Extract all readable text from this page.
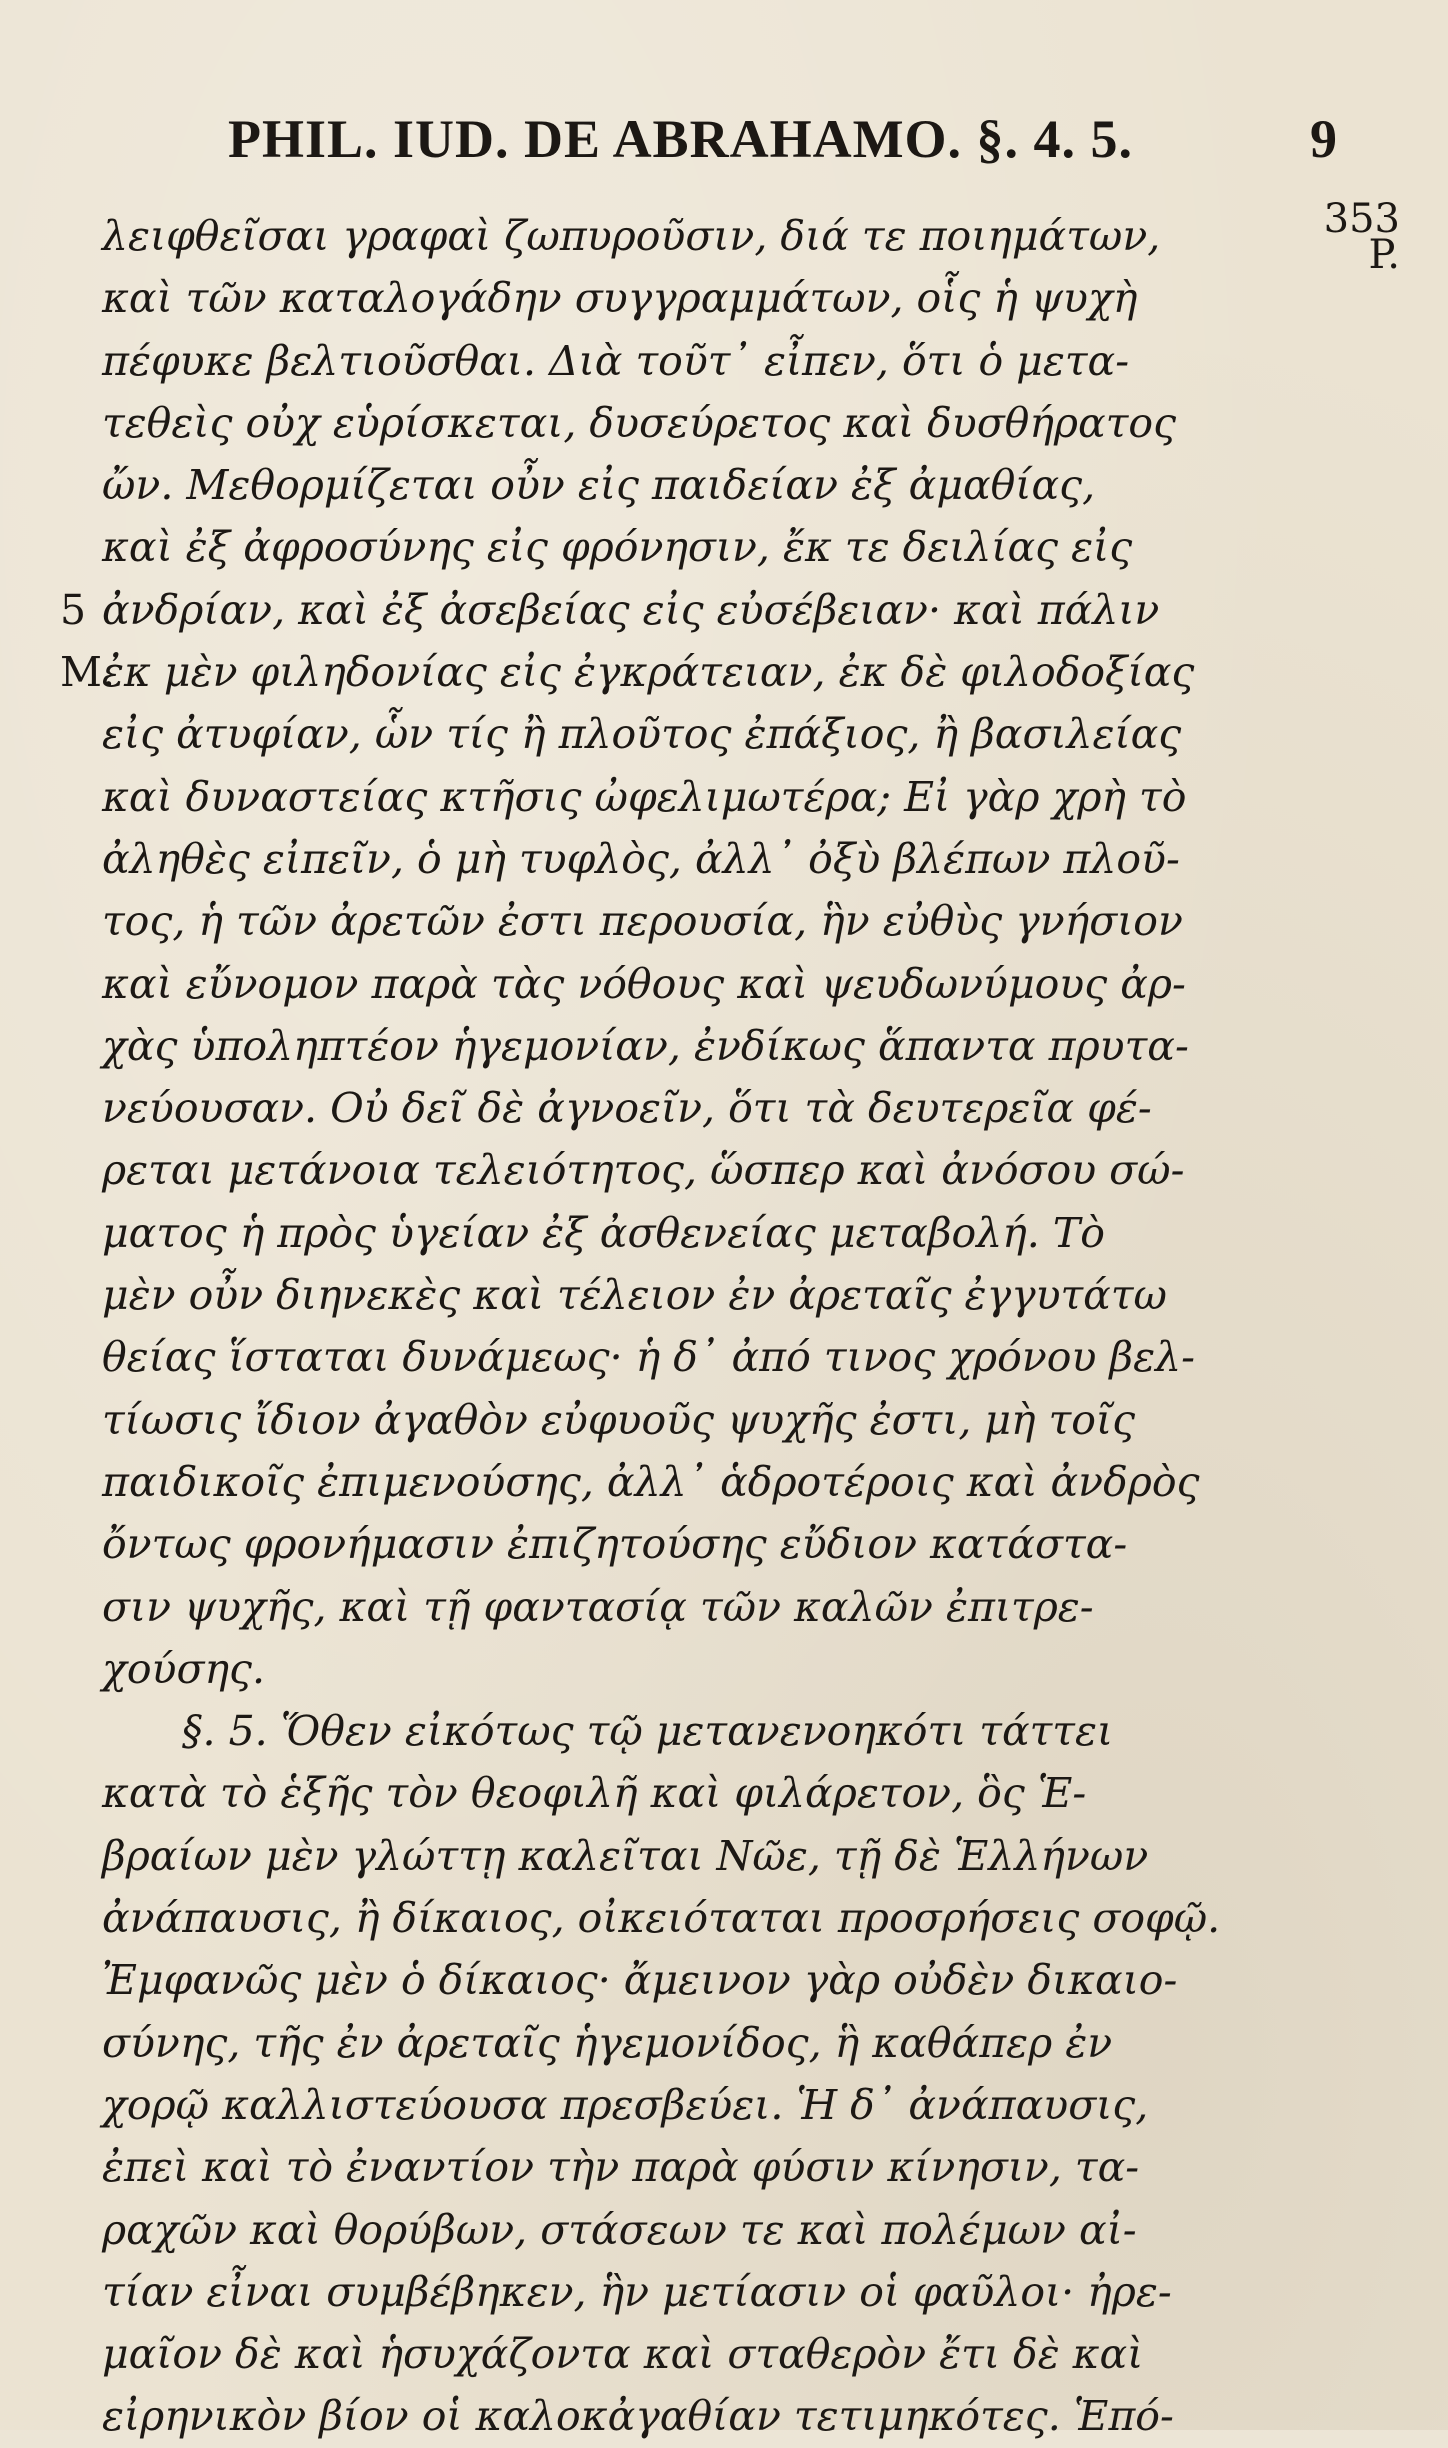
PHIL. IUD. DE ABRAHAMO. §. 4. 5.	9
λειφθεῖσαι γραφαὶ ζωπυροῦσιν, διά τε ποιημάτων,	353
P.
καὶ τῶν καταλογάδην συγγραμμάτων, οἷς ἡ ψυχὴ
πέφυκε βελτιοῦσθαι. Διὰ τοῦτ᾽ εἶπεν, ὅτι ὁ μετα-
τεθεὶς οὐχ εὑρίσκεται, δυσεύρετος καὶ δυσθήρατος
ὤν. Μεθορμίζεται οὖν εἰς παιδείαν ἐξ ἀμαθίας,
καὶ ἐξ ἀφροσύνης εἰς φρόνησιν, ἔκ τε δειλίας εἰς
5 ἀνδρίαν, καὶ ἐξ ἀσεβείας εἰς εὐσέβειαν· καὶ πάλιν
M.
ἐκ μὲν φιληδονίας εἰς ἐγκράτειαν, ἐκ δὲ φιλοδοξίας
εἰς ἀτυφίαν, ὧν τίς ἢ πλοῦτος ἐπάξιος, ἢ βασιλείας
καὶ δυναστείας κτῆσις ὠφελιμωτέρα; Εἰ γὰρ χρὴ τὸ
ἀληθὲς εἰπεῖν, ὁ μὴ τυφλὸς, ἀλλ᾽ ὀξὺ βλέπων πλοῦ-
τος, ἡ τῶν ἀρετῶν ἐστι περουσία, ἣν εὐθὺς γνήσιον
καὶ εὔνομον παρὰ τὰς νόθους καὶ ψευδωνύμους ἀρ-
χὰς ὑποληπτέον ἡγεμονίαν, ἐνδίκως ἅπαντα πρυτα-
νεύουσαν. Οὐ δεῖ δὲ ἀγνοεῖν, ὅτι τὰ δευτερεῖα φέ-
ρεται μετάνοια τελειότητος, ὥσπερ καὶ ἀνόσου σώ-
ματος ἡ πρὸς ὑγείαν ἐξ ἀσθενείας μεταβολή. Τὸ
μὲν οὖν διηνεκὲς καὶ τέλειον ἐν ἀρεταῖς ἐγγυτάτω
θείας ἵσταται δυνάμεως· ἡ δ᾽ ἀπό τινος χρόνου βελ-
τίωσις ἴδιον ἀγαθὸν εὐφυοῦς ψυχῆς ἐστι, μὴ τοῖς
παιδικοῖς ἐπιμενούσης, ἀλλ᾽ ἁδροτέροις καὶ ἀνδρὸς
ὄντως φρονήμασιν ἐπιζητούσης εὔδιον κατάστα-
σιν ψυχῆς, καὶ τῇ φαντασίᾳ τῶν καλῶν ἐπιτρε-
χούσης.
§. 5. Ὅθεν εἰκότως τῷ μετανενοηκότι τάττει
κατὰ τὸ ἑξῆς τὸν θεοφιλῆ καὶ φιλάρετον, ὃς Ἑ-
βραίων μὲν γλώττῃ καλεῖται Νῶε, τῇ δὲ Ἑλλήνων
ἀνάπαυσις, ἢ δίκαιος, οἰκειόταται προσρήσεις σοφῷ.
Ἐμφανῶς μὲν ὁ δίκαιος· ἄμεινον γὰρ οὐδὲν δικαιο-
σύνης, τῆς ἐν ἀρεταῖς ἡγεμονίδος, ἣ καθάπερ ἐν
χορῷ καλλιστεύουσα πρεσβεύει. Ἡ δ᾽ ἀνάπαυσις,
ἐπεὶ καὶ τὸ ἐναντίον τὴν παρὰ φύσιν κίνησιν, τα-
ραχῶν καὶ θορύβων, στάσεων τε καὶ πολέμων αἰ-
τίαν εἶναι συμβέβηκεν, ἣν μετίασιν οἱ φαῦλοι· ἠρε-
μαῖον δὲ καὶ ἡσυχάζοντα καὶ σταθερὸν ἔτι δὲ καὶ
εἰρηνικὸν βίον οἱ καλοκἀγαθίαν τετιμηκότες. Ἑπό-
